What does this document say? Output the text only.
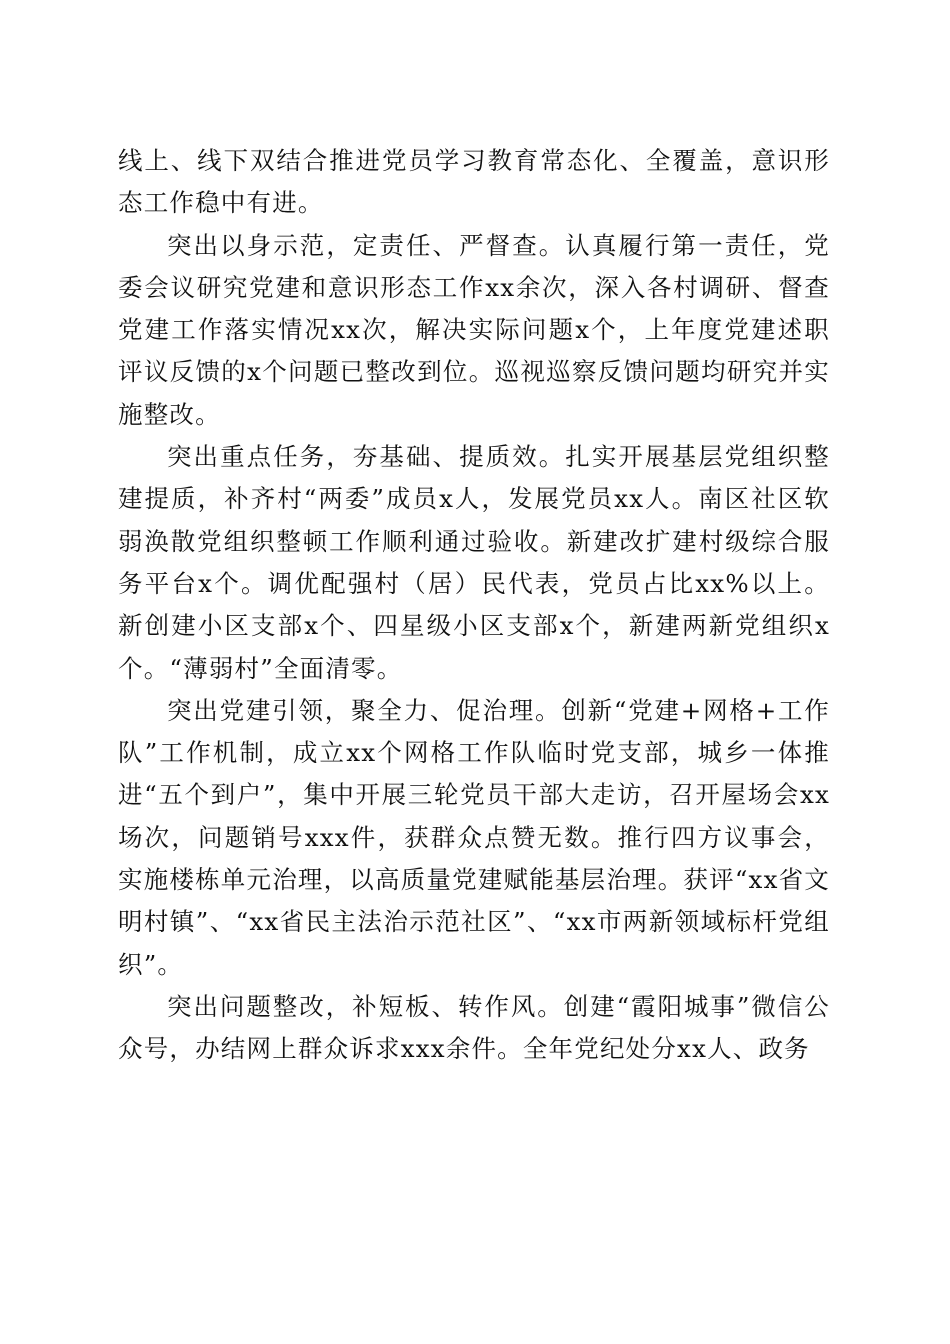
线上、线下双结合推进党员学习教育常态化、全覆盖，意识形态工作稳中有进。

突出以身示范，定责任、严督查。认真履行第一责任，党委会议研究党建和意识形态工作xx余次，深入各村调研、督查党建工作落实情况xx次，解决实际问题x个，上年度党建述职评议反馈的x个问题已整改到位。巡视巡察反馈问题均研究并实施整改。

突出重点任务，夯基础、提质效。扎实开展基层党组织整建提质，补齐村“两委”成员x人，发展党员xx人。南区社区软弱涣散党组织整顿工作顺利通过验收。新建改扩建村级综合服务平台x个。调优配强村（居）民代表，党员占比xx%以上。新创建小区支部x个、四星级小区支部x个，新建两新党组织x个。“薄弱村”全面清零。

突出党建引领，聚全力、促治理。创新“党建+网格+工作队”工作机制，成立xx个网格工作队临时党支部，城乡一体推进“五个到户”，集中开展三轮党员干部大走访，召开屋场会xx场次，问题销号xxx件，获群众点赞无数。推行四方议事会，实施楼栋单元治理，以高质量党建赋能基层治理。获评“xx省文明村镇”、“xx省民主法治示范社区”、“xx市两新领域标杆党组织”。

突出问题整改，补短板、转作风。创建“霞阳城事”微信公众号，办结网上群众诉求xxx余件。全年党纪处分xx人、政务
